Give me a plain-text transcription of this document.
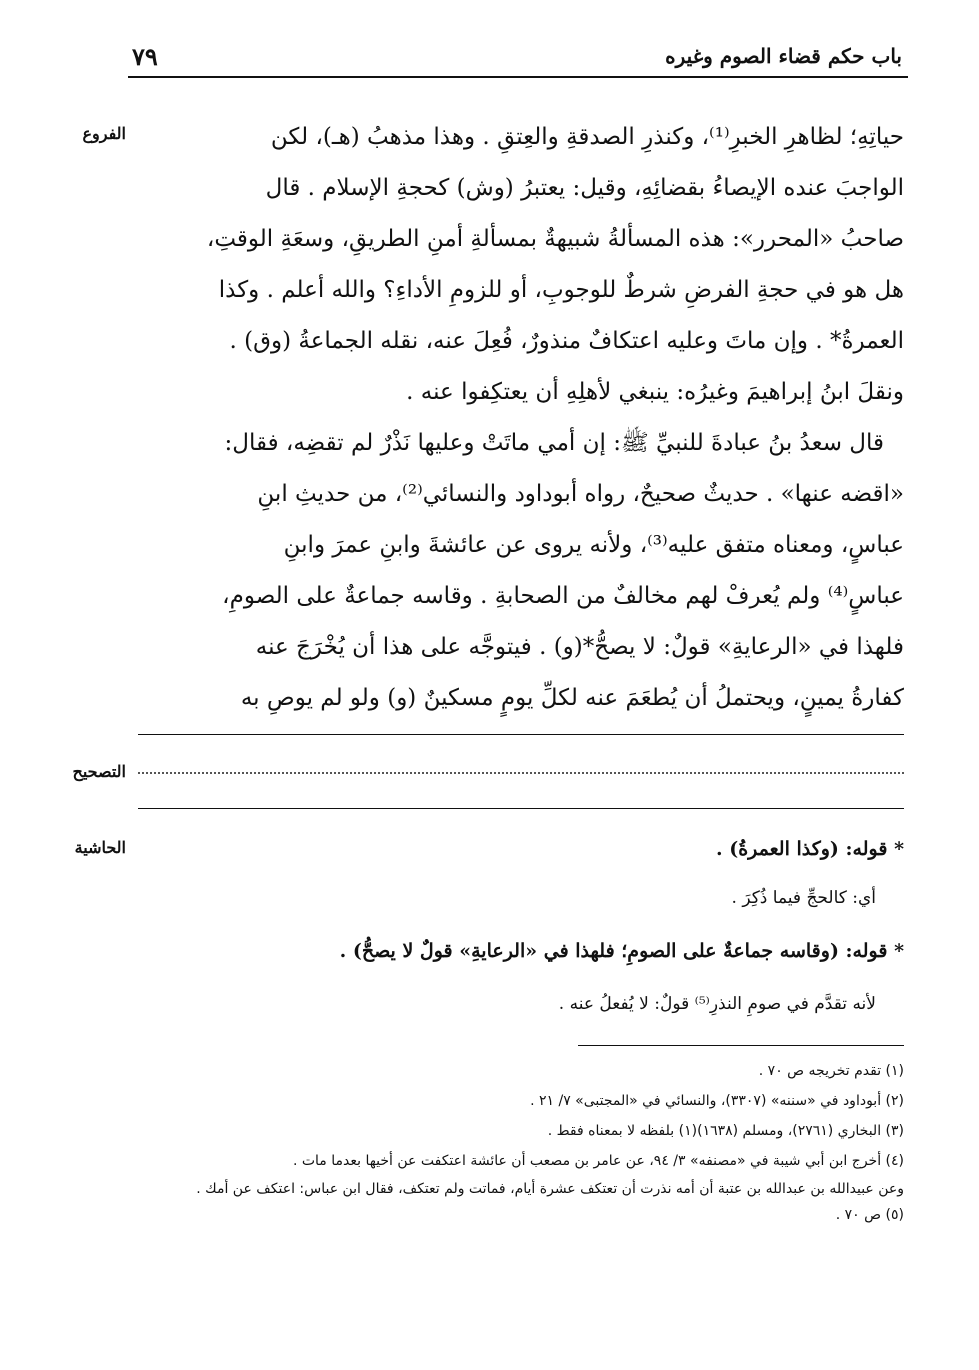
باب حكم قضاء الصوم وغيره
٧٩
الفروع
التصحيح
الحاشية
حياتِهِ؛ لظاهرِ الخبرِ⁽¹⁾، وكنذرِ الصدقةِ والعِتقِ . وهذا مذهبُ (هـ)، لكن
الواجبَ عنده الإيصاءُ بقضائِهِ، وقيل: يعتبرُ (وش) كحجةِ الإسلام . قال
صاحبُ «المحرر»: هذه المسألةُ شبيهةٌ بمسألةِ أمنِ الطريقِ، وسعَةِ الوقتِ،
هل هو في حجةِ الفرضِ شرطٌ للوجوبِ، أو للزومِ الأداءِ؟ والله أعلم . وكذا
العمرةُ* . وإن ماتَ وعليه اعتكافٌ منذورٌ، فُعِلَ عنه، نقله الجماعةُ (وق) .
ونقلَ ابنُ إبراهيمَ وغيرُه: ينبغي لأهلِهِ أن يعتكِفوا عنه .
قال سعدُ بنُ عبادةَ للنبيِّ ﷺ: إن أمي ماتَتْ وعليها نَذْرٌ لم تقضِه، فقال:
«اقضه عنها» . حديثٌ صحيحٌ، رواه أبوداود والنسائي⁽²⁾، من حديثِ ابنِ
عباسٍ، ومعناه متفق عليه⁽³⁾، ولأنه يروى عن عائشةَ وابنِ عمرَ وابنِ
عباسٍ⁽⁴⁾ ولم يُعرفْ لهم مخالفٌ من الصحابةِ . وقاسه جماعةٌ على الصومِ،
فلهذا في «الرعايةِ» قولٌ: لا يصحُّ*(و) . فيتوجَّه على هذا أن يُخْرَجَ عنه
كفارةُ يمينٍ، ويحتملُ أن يُطعَمَ عنه لكلِّ يومٍ مسكينٌ (و) ولو لم يوصِ به
* قوله: (وكذا العمرةُ) .
أي: كالحجِّ فيما ذُكِرَ .
* قوله: (وقاسه جماعةٌ على الصومِ؛ فلهذا في «الرعايةِ» قولٌ لا يصحُّ) .
لأنه تقدَّم في صومِ النذرِ⁽⁵⁾ قولٌ: لا يُفعلُ عنه .
(١) تقدم تخريجه ص ٧٠ .
(٢) أبوداود في «سننه» (٣٣٠٧)، والنسائي في «المجتبى» ٧/ ٢١ .
(٣) البخاري (٢٧٦١)، ومسلم (١٦٣٨)(١) بلفظه لا بمعناه فقط .
(٤) أخرج ابن أبي شيبة في «مصنفه» ٣/ ٩٤، عن عامر بن مصعب أن عائشة اعتكفت عن أخيها بعدما مات .
وعن عبيدالله بن عبدالله بن عتبة أن أمه نذرت أن تعتكف عشرة أيام، فماتت ولم تعتكف، فقال ابن عباس: اعتكف عن أمك .
(٥) ص ٧٠ .
